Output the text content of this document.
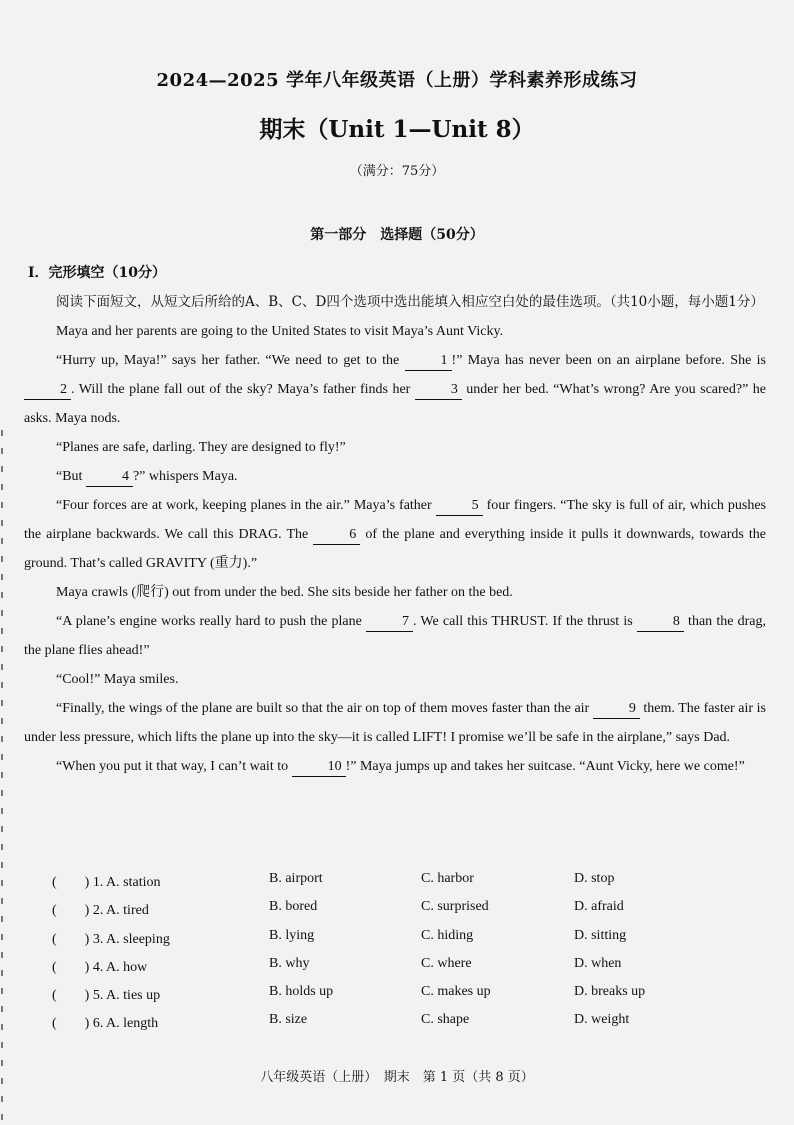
2024—2025 学年八年级英语（上册）学科素养形成练习
期末（Unit 1—Unit 8）
（满分：75分）
第一部分　选择题（50分）
Ⅰ．完形填空（10分）

阅读下面短文，从短文后所给的A、B、C、D四个选项中选出能填入相应空白处的最佳选项。（共10小题，每小题1分）

Maya and her parents are going to the United States to visit Maya’s Aunt Vicky.

“Hurry up, Maya!” says her father. “We need to get to the	1 !” Maya has never been on an airplane before. She is 2 . Will the plane fall out of the sky? Maya’s father finds her	3 under her bed. “What’s wrong? Are you scared?” he asks. Maya nods.

“Planes are safe, darling. They are designed to fly!”

“But	4 ?” whispers Maya.

“Four forces are at work, keeping planes in the air.” Maya’s father	5 four fingers. “The sky is full of air, which pushes the airplane backwards. We call this DRAG. The	6 of the plane and everything inside it pulls it downwards, towards the ground. That’s called GRAVITY (重力).”

Maya crawls (爬行) out from under the bed. She sits beside her father on the bed.

“A plane’s engine works really hard to push the plane	7 . We call this THRUST. If the thrust is	8 than the drag, the plane flies ahead!”

“Cool!” Maya smiles.

“Finally, the wings of the plane are built so that the air on top of them moves faster than the air	9 them. The faster air is under less pressure, which lifts the plane up into the sky—it is called LIFT! I promise we’ll be safe in the airplane,” says Dad.

“When you put it that way, I can’t wait to	10 !” Maya jumps up and takes her suitcase. “Aunt Vicky, here we come!”

(　　) 1. A. station	B. airport	C. harbor	D. stop
(　　) 2. A. tired	B. bored	C. surprised	D. afraid
(　　) 3. A. sleeping	B. lying	C. hiding	D. sitting
(　　) 4. A. how	B. why	C. where	D. when
(　　) 5. A. ties up	B. holds up	C. makes up	D. breaks up
(　　) 6. A. length	B. size	C. shape	D. weight
八年级英语（上册）　期末　第 1 页（共 8 页）
